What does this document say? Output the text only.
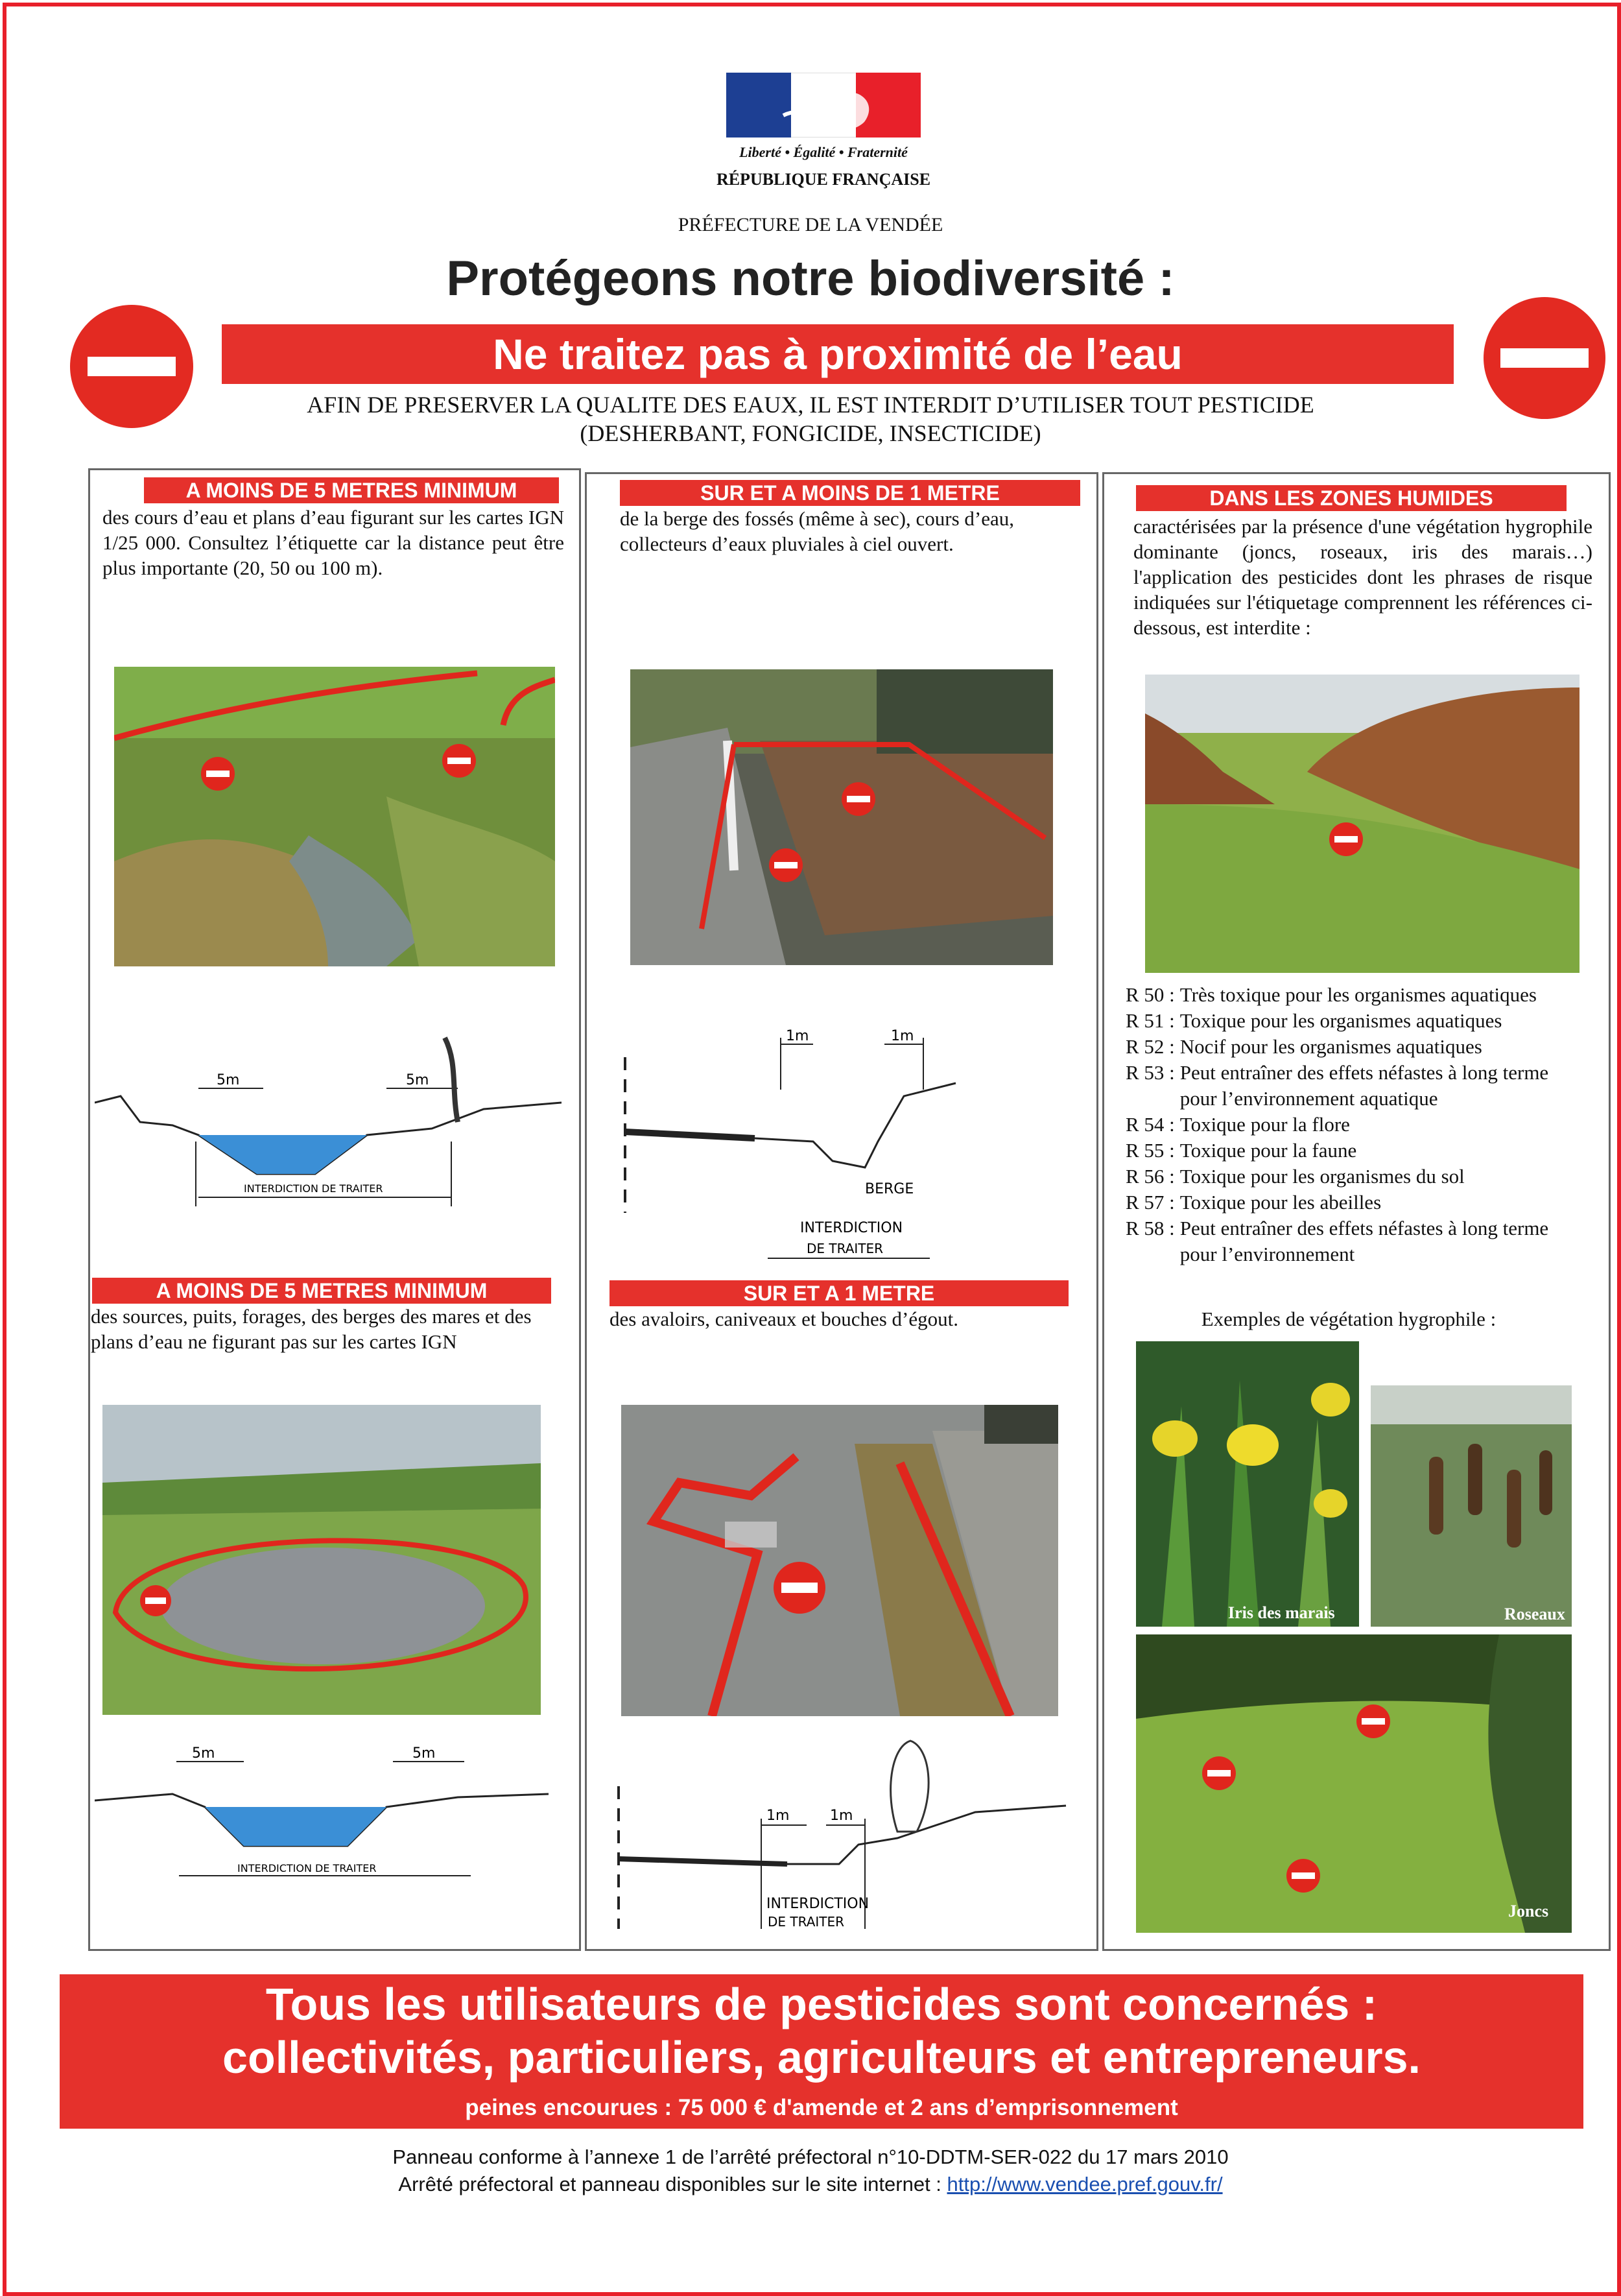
Liberté • Égalité • Fraternité
RÉPUBLIQUE FRANÇAISE
PRÉFECTURE DE LA VENDÉE
Protégeons notre biodiversité :
Ne traitez pas à proximité de l’eau
AFIN DE PRESERVER LA QUALITE DES EAUX, IL EST INTERDIT D’UTILISER TOUT PESTICIDE
(DESHERBANT, FONGICIDE, INSECTICIDE)
A MOINS DE 5 METRES MINIMUM
des cours d’eau et plans d’eau figurant sur les cartes IGN 1/25 000. Consultez l’étiquette car la distance peut être plus importante (20, 50 ou 100 m).
5m	5m
INTERDICTION DE TRAITER
A MOINS DE 5 METRES MINIMUM
des sources, puits, forages, des berges des mares et des plans d’eau ne figurant pas sur les cartes IGN
5m	5m
INTERDICTION DE TRAITER
SUR ET A MOINS DE 1 METRE
de la berge des fossés (même à sec), cours d’eau, collecteurs d’eaux pluviales à ciel ouvert.
1m	1m
BERGE
INTERDICTION
DE TRAITER
SUR ET A 1 METRE
des avaloirs, caniveaux et bouches d’égout.
1m	1m
INTERDICTION
DE TRAITER
DANS LES ZONES HUMIDES
caractérisées par la présence d'une végétation hygrophile dominante (joncs, roseaux, iris des marais…) l'application des pesticides dont les phrases de risque indiquées sur l'étiquetage comprennent les références ci-dessous, est interdite :
R 50 : Très toxique pour les organismes aquatiques
R 51 : Toxique pour les organismes aquatiques
R 52 : Nocif pour les organismes aquatiques
R 53 : Peut entraîner des effets néfastes à long terme pour l’environnement aquatique
R 54 : Toxique pour la flore
R 55 : Toxique pour la faune
R 56 : Toxique pour les organismes du sol
R 57 : Toxique pour les abeilles
R 58 : Peut entraîner des effets néfastes à long terme pour l’environnement
Exemples de végétation hygrophile :
Iris des marais	Roseaux
Joncs
Tous les utilisateurs de pesticides sont concernés :
collectivités, particuliers, agriculteurs et entrepreneurs.
peines encourues : 75 000 € d'amende et 2 ans d’emprisonnement
Panneau conforme à l’annexe 1 de l’arrêté préfectoral n°10-DDTM-SER-022 du 17 mars 2010
Arrêté préfectoral et panneau disponibles sur le site internet : http://www.vendee.pref.gouv.fr/
